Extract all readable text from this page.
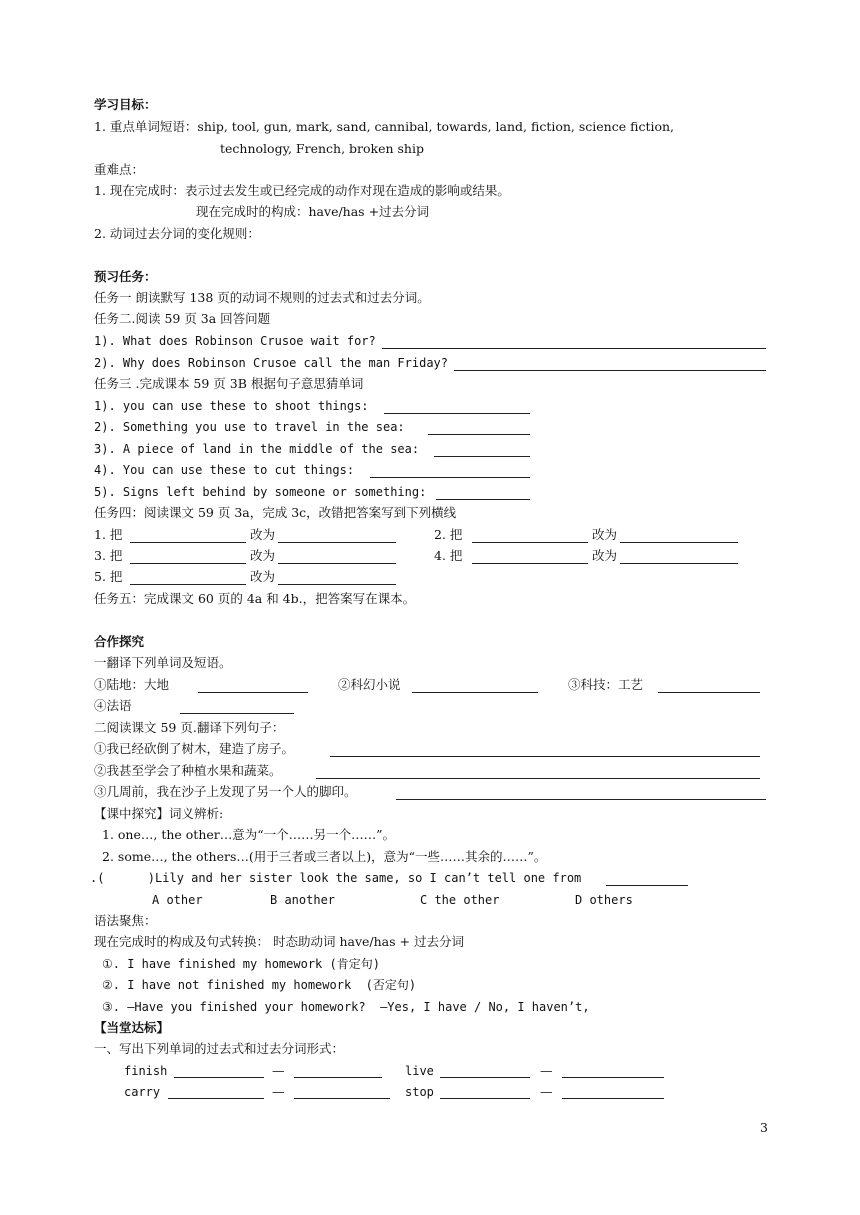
学习目标：
1. 重点单词短语：ship, tool, gun, mark, sand, cannibal, towards, land, fiction, science fiction,
technology, French, broken ship
重难点：
1. 现在完成时：表示过去发生或已经完成的动作对现在造成的影响或结果。
现在完成时的构成：have/has +过去分词
2. 动词过去分词的变化规则：
预习任务：
任务一 朗读默写 138 页的动词不规则的过去式和过去分词。
任务二.阅读 59 页 3a 回答问题
1). What does Robinson Crusoe wait for?
2). Why does Robinson Crusoe call the man Friday?
任务三 .完成课本 59 页 3B 根据句子意思猜单词
1). you can use these to shoot things:
2). Something you use to travel in the sea:
3). A piece of land in the middle of the sea:
4). You can use these to cut things:
5). Signs left behind by someone or something:
任务四：阅读课文 59 页 3a，完成 3c，改错把答案写到下列横线
1. 把	改为	2. 把	改为
3. 把	改为	4. 把	改为
5. 把	改为
任务五：完成课文 60 页的 4a 和 4b.，把答案写在课本。
合作探究
一翻译下列单词及短语。
①陆地：大地	②科幻小说	③科技：工艺
④法语
二阅读课文 59 页.翻译下列句子：
①我已经砍倒了树木，建造了房子。
②我甚至学会了种植水果和蔬菜。
③几周前，我在沙子上发现了另一个人的脚印。
【课中探究】词义辨析:
1. one…, the other…意为“一个……另一个……”。
2. some…, the others…(用于三者或三者以上)，意为“一些……其余的……”。
.(      )Lily and her sister look the same, so I can’t tell one from
A other	B another	C the other	D others
语法聚焦：
现在完成时的构成及句式转换： 时态助动词 have/has + 过去分词
①. I have finished my homework (肯定句)
②. I have not finished my homework  (否定句)
③. —Have you finished your homework?  —Yes, I have / No, I haven’t,
【当堂达标】
一、写出下列单词的过去式和过去分词形式：
finish	—	live	—
carry	—	stop	—
3
